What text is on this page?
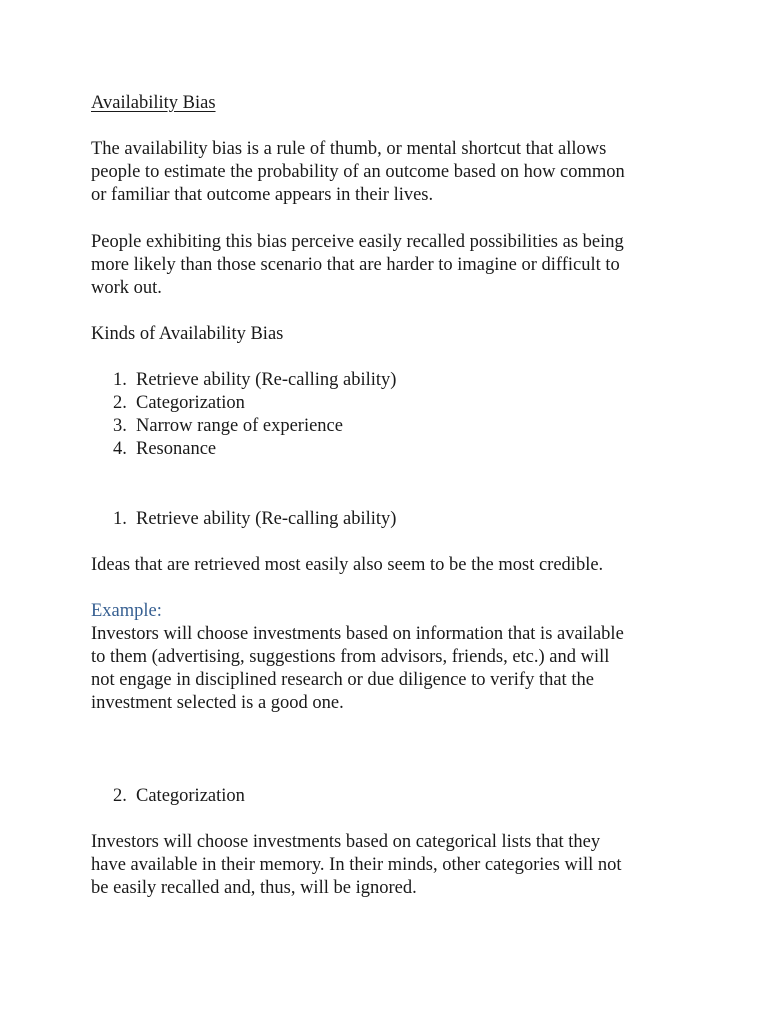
Availability Bias
The availability bias is a rule of thumb, or mental shortcut that allows
people to estimate the probability of an outcome based on how common
or familiar that outcome appears in their lives.
People exhibiting this bias perceive easily recalled possibilities as being
more likely than those scenario that are harder to imagine or difficult to
work out.
Kinds of Availability Bias
1. Retrieve ability (Re-calling ability)
2. Categorization
3. Narrow range of experience
4. Resonance
1. Retrieve ability (Re-calling ability)
Ideas that are retrieved most easily also seem to be the most credible.
Example:
Investors will choose investments based on information that is available
to them (advertising, suggestions from advisors, friends, etc.) and will
not engage in disciplined research or due diligence to verify that the
investment selected is a good one.
2. Categorization
Investors will choose investments based on categorical lists that they
have available in their memory. In their minds, other categories will not
be easily recalled and, thus, will be ignored.
